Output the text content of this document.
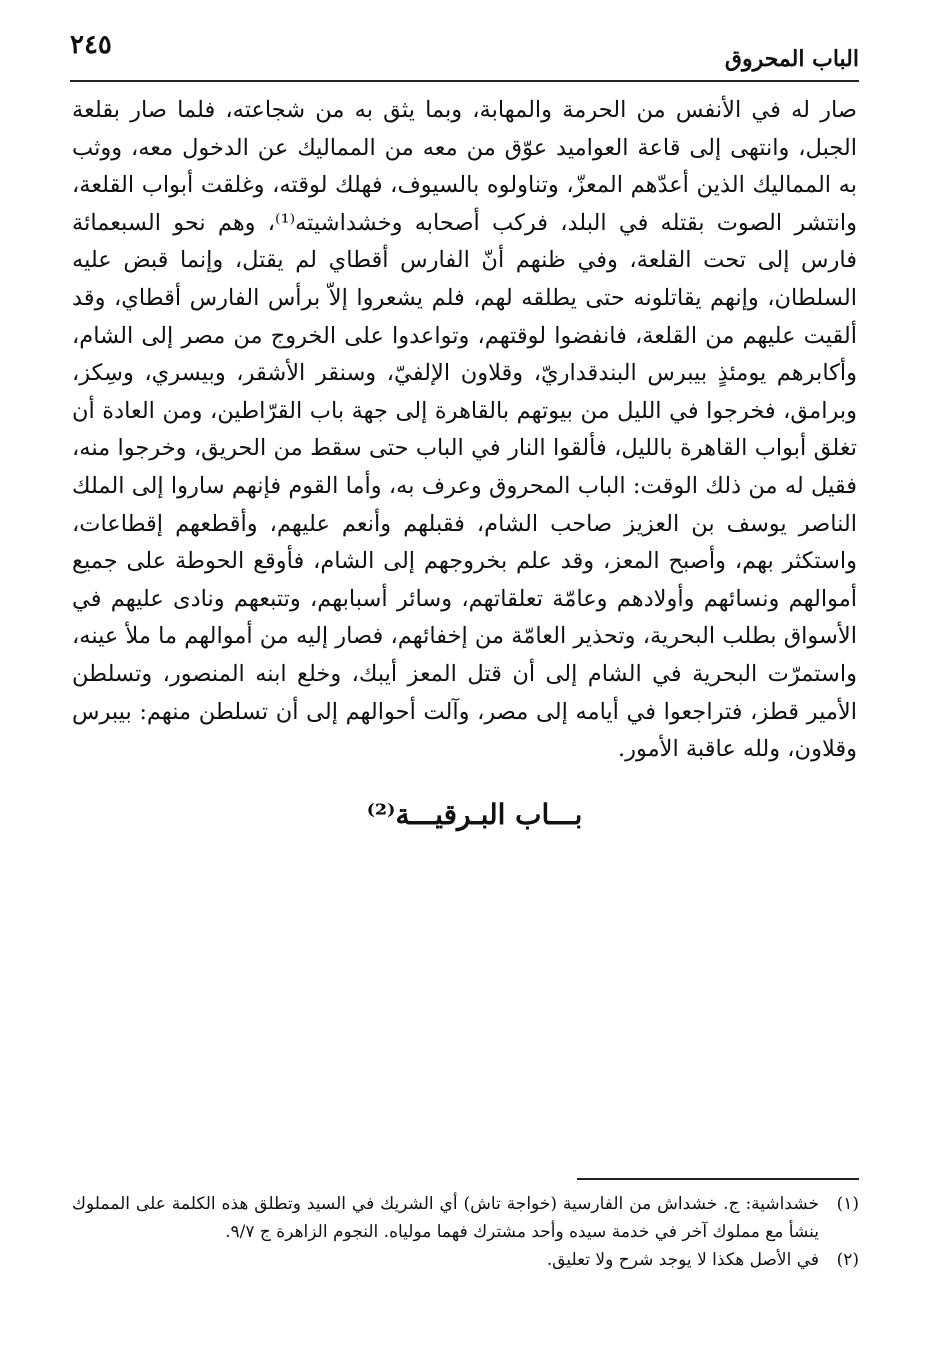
٢٤٥	الباب المحروق

صار له في الأنفس من الحرمة والمهابة، وبما يثق به من شجاعته، فلما صار بقلعة الجبل، وانتهى إلى قاعة العواميد عوّق من معه من المماليك عن الدخول معه، ووثب به المماليك الذين أعدّهم المعزّ، وتناولوه بالسيوف، فهلك لوقته، وغلقت أبواب القلعة، وانتشر الصوت بقتله في البلد، فركب أصحابه وخشداشيته⁽¹⁾، وهم نحو السبعمائة فارس إلى تحت القلعة، وفي ظنهم أنّ الفارس أقطاي لم يقتل، وإنما قبض عليه السلطان، وإنهم يقاتلونه حتى يطلقه لهم، فلم يشعروا إلاّ برأس الفارس أقطاي، وقد ألقيت عليهم من القلعة، فانفضوا لوقتهم، وتواعدوا على الخروج من مصر إلى الشام، وأكابرهم يومئذٍ بيبرس البندقداريّ، وقلاون الإلفيّ، وسنقر الأشقر، وبيسري، وسِكز، وبرامق، فخرجوا في الليل من بيوتهم بالقاهرة إلى جهة باب القرّاطين، ومن العادة أن تغلق أبواب القاهرة بالليل، فألقوا النار في الباب حتى سقط من الحريق، وخرجوا منه، فقيل له من ذلك الوقت: الباب المحروق وعرف به، وأما القوم فإنهم ساروا إلى الملك الناصر يوسف بن العزيز صاحب الشام، فقبلهم وأنعم عليهم، وأقطعهم إقطاعات، واستكثر بهم، وأصبح المعز، وقد علم بخروجهم إلى الشام، فأوقع الحوطة على جميع أموالهم ونسائهم وأولادهم وعامّة تعلقاتهم، وسائر أسبابهم، وتتبعهم ونادى عليهم في الأسواق بطلب البحرية، وتحذير العامّة من إخفائهم، فصار إليه من أموالهم ما ملأ عينه، واستمرّت البحرية في الشام إلى أن قتل المعز أيبك، وخلع ابنه المنصور، وتسلطن الأمير قطز، فتراجعوا في أيامه إلى مصر، وآلت أحوالهم إلى أن تسلطن منهم: بيبرس وقلاون، ولله عاقبة الأمور.

بـــاب البـرقيـــة⁽²⁾
(١)
خشداشية: ج. خشداش من الفارسية (خواجة تاش) أي الشريك في السيد وتطلق هذه الكلمة على المملوك ينشأ مع مملوك آخر في خدمة سيده وأحد مشترك فهما مولياه. النجوم الزاهرة ج ٩/٧.
(٢)
في الأصل هكذا لا يوجد شرح ولا تعليق.
